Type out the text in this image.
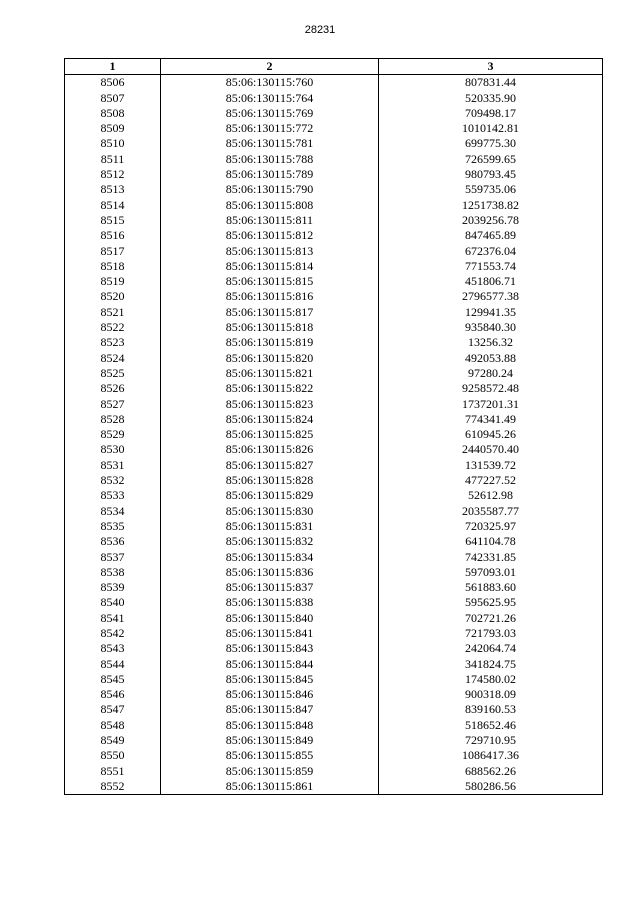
28231
1	2	3
8506	85:06:130115:760	807831.44
8507	85:06:130115:764	520335.90
8508	85:06:130115:769	709498.17
8509	85:06:130115:772	1010142.81
8510	85:06:130115:781	699775.30
8511	85:06:130115:788	726599.65
8512	85:06:130115:789	980793.45
8513	85:06:130115:790	559735.06
8514	85:06:130115:808	1251738.82
8515	85:06:130115:811	2039256.78
8516	85:06:130115:812	847465.89
8517	85:06:130115:813	672376.04
8518	85:06:130115:814	771553.74
8519	85:06:130115:815	451806.71
8520	85:06:130115:816	2796577.38
8521	85:06:130115:817	129941.35
8522	85:06:130115:818	935840.30
8523	85:06:130115:819	13256.32
8524	85:06:130115:820	492053.88
8525	85:06:130115:821	97280.24
8526	85:06:130115:822	9258572.48
8527	85:06:130115:823	1737201.31
8528	85:06:130115:824	774341.49
8529	85:06:130115:825	610945.26
8530	85:06:130115:826	2440570.40
8531	85:06:130115:827	131539.72
8532	85:06:130115:828	477227.52
8533	85:06:130115:829	52612.98
8534	85:06:130115:830	2035587.77
8535	85:06:130115:831	720325.97
8536	85:06:130115:832	641104.78
8537	85:06:130115:834	742331.85
8538	85:06:130115:836	597093.01
8539	85:06:130115:837	561883.60
8540	85:06:130115:838	595625.95
8541	85:06:130115:840	702721.26
8542	85:06:130115:841	721793.03
8543	85:06:130115:843	242064.74
8544	85:06:130115:844	341824.75
8545	85:06:130115:845	174580.02
8546	85:06:130115:846	900318.09
8547	85:06:130115:847	839160.53
8548	85:06:130115:848	518652.46
8549	85:06:130115:849	729710.95
8550	85:06:130115:855	1086417.36
8551	85:06:130115:859	688562.26
8552	85:06:130115:861	580286.56
